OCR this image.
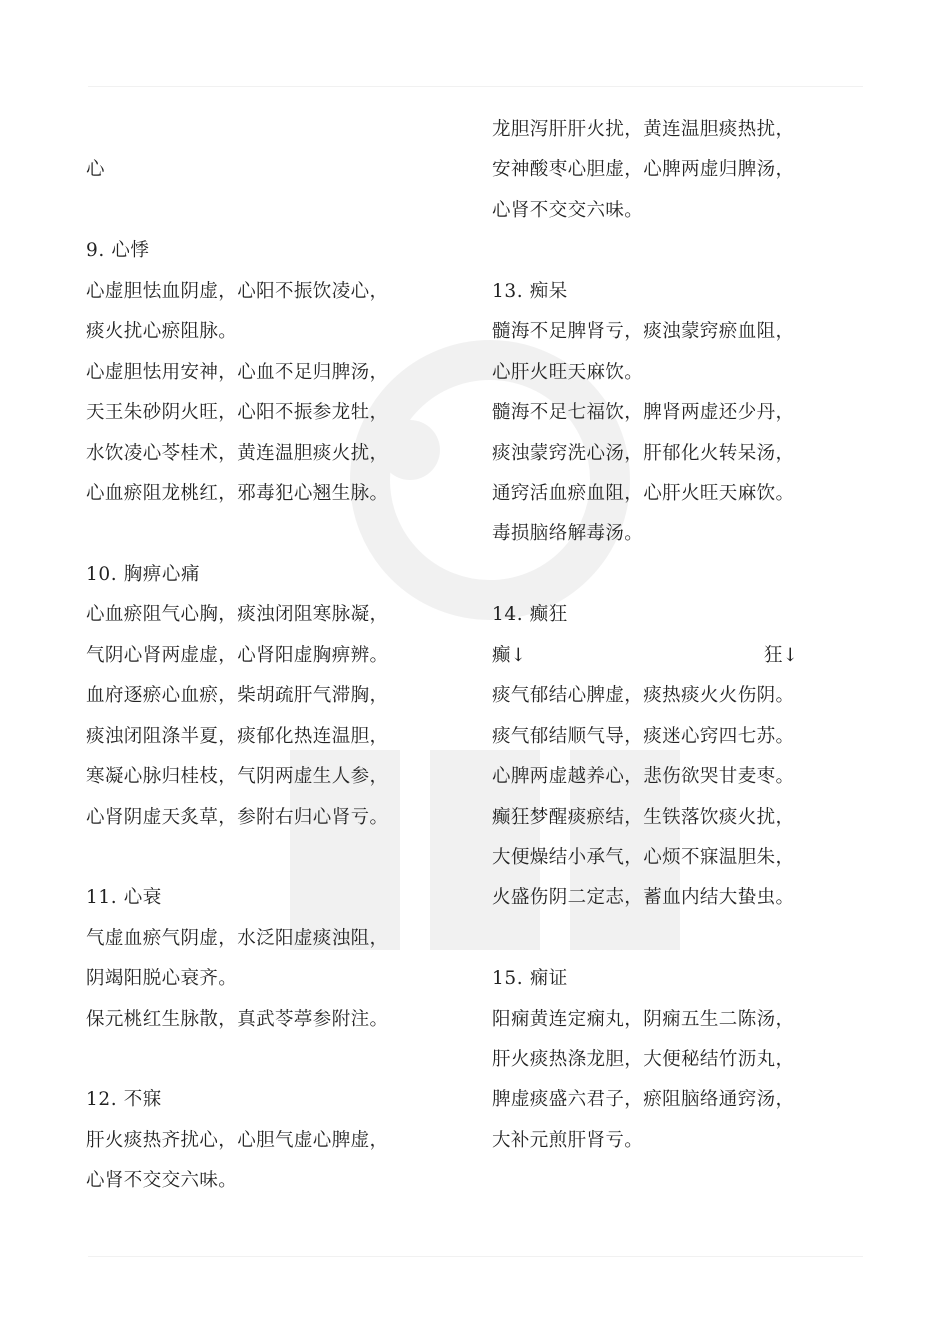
心
9. 心悸
心虚胆怯血阴虚，心阳不振饮凌心，
痰火扰心瘀阻脉。
心虚胆怯用安神，心血不足归脾汤，
天王朱砂阴火旺，心阳不振参龙牡，
水饮凌心苓桂术，黄连温胆痰火扰，
心血瘀阻龙桃红，邪毒犯心翘生脉。
10. 胸痹心痛
心血瘀阻气心胸，痰浊闭阻寒脉凝，
气阴心肾两虚虚，心肾阳虚胸痹辨。
血府逐瘀心血瘀，柴胡疏肝气滞胸，
痰浊闭阻涤半夏，痰郁化热连温胆，
寒凝心脉归桂枝，气阴两虚生人参，
心肾阴虚天炙草，参附右归心肾亏。
11. 心衰
气虚血瘀气阴虚，水泛阳虚痰浊阻，
阴竭阳脱心衰齐。
保元桃红生脉散，真武苓葶参附注。
12. 不寐
肝火痰热齐扰心，心胆气虚心脾虚，
心肾不交交六味。
龙胆泻肝肝火扰，黄连温胆痰热扰，
安神酸枣心胆虚，心脾两虚归脾汤，
心肾不交交六味。
13. 痴呆
髓海不足脾肾亏，痰浊蒙窍瘀血阻，
心肝火旺天麻饮。
髓海不足七福饮，脾肾两虚还少丹，
痰浊蒙窍洗心汤，肝郁化火转呆汤，
通窍活血瘀血阻，心肝火旺天麻饮。
毒损脑络解毒汤。
14. 癫狂
癫↓	狂↓
痰气郁结心脾虚，痰热痰火火伤阴。
痰气郁结顺气导，痰迷心窍四七苏。
心脾两虚越养心，悲伤欲哭甘麦枣。
癫狂梦醒痰瘀结，生铁落饮痰火扰，
大便燥结小承气，心烦不寐温胆朱，
火盛伤阴二定志，蓄血内结大蛰虫。
15. 痫证
阳痫黄连定痫丸，阴痫五生二陈汤，
肝火痰热涤龙胆，大便秘结竹沥丸，
脾虚痰盛六君子，瘀阻脑络通窍汤，
大补元煎肝肾亏。
